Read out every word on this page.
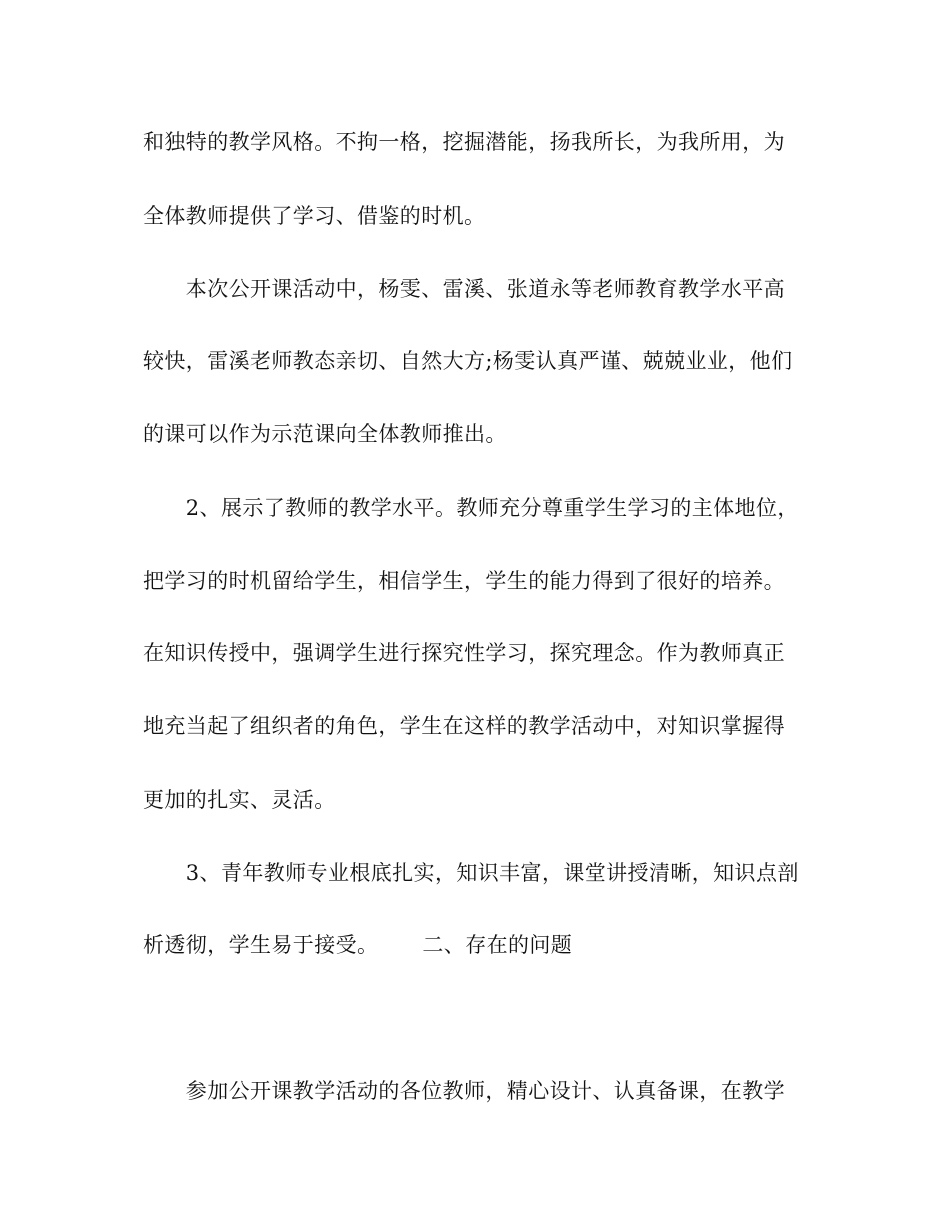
和独特的教学风格。不拘一格，挖掘潜能，扬我所长，为我所用，为
全体教师提供了学习、借鉴的时机。
　　本次公开课活动中，杨雯、雷溪、张道永等老师教育教学水平高
较快，雷溪老师教态亲切、自然大方;杨雯认真严谨、兢兢业业，他们
的课可以作为示范课向全体教师推出。
　　2、展示了教师的教学水平。教师充分尊重学生学习的主体地位，
把学习的时机留给学生，相信学生，学生的能力得到了很好的培养。
在知识传授中，强调学生进行探究性学习，探究理念。作为教师真正
地充当起了组织者的角色，学生在这样的教学活动中，对知识掌握得
更加的扎实、灵活。
　　3、青年教师专业根底扎实，知识丰富，课堂讲授清晰，知识点剖
析透彻，学生易于接受。 二、存在的问题
　　参加公开课教学活动的各位教师，精心设计、认真备课，在教学
